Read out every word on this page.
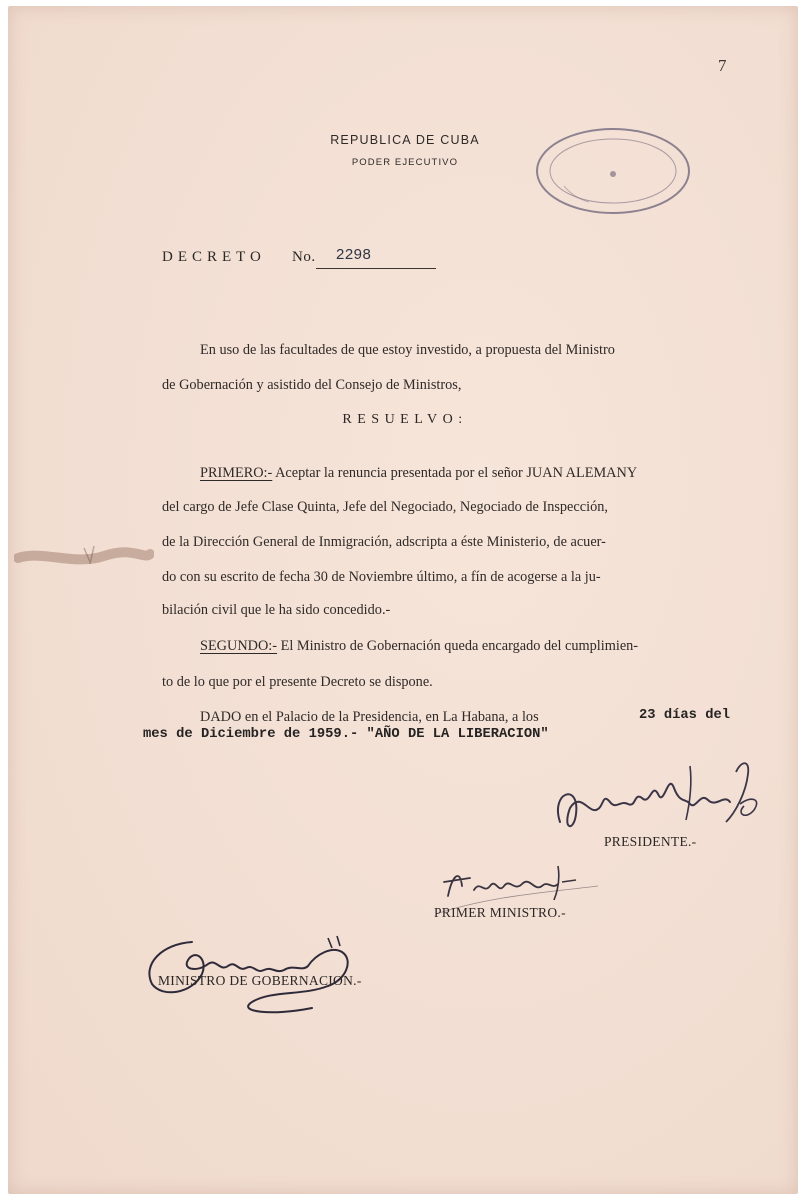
7
REPUBLICA DE CUBA
PODER EJECUTIVO
DECRETO No. 2298
En uso de las facultades de que estoy investido, a propuesta del Ministro
de Gobernación y asistido del Consejo de Ministros,
RESUELVO:
PRIMERO:- Aceptar la renuncia presentada por el señor JUAN ALEMANY
del cargo de Jefe Clase Quinta, Jefe del Negociado, Negociado de Inspección,
de la Dirección General de Inmigración, adscripta a éste Ministerio, de acuer-
do con su escrito de fecha 30 de Noviembre último, a fín de acogerse a la ju-
bilación civil que le ha sido concedido.-
SEGUNDO:- El Ministro de Gobernación queda encargado del cumplimien-
to de lo que por el presente Decreto se dispone.
DADO en el Palacio de la Presidencia, en La Habana, a los	23 días del
mes de Diciembre de 1959.- "AÑO DE LA LIBERACION"
PRESIDENTE.-
PRIMER MINISTRO.-
MINISTRO DE GOBERNACION.-
